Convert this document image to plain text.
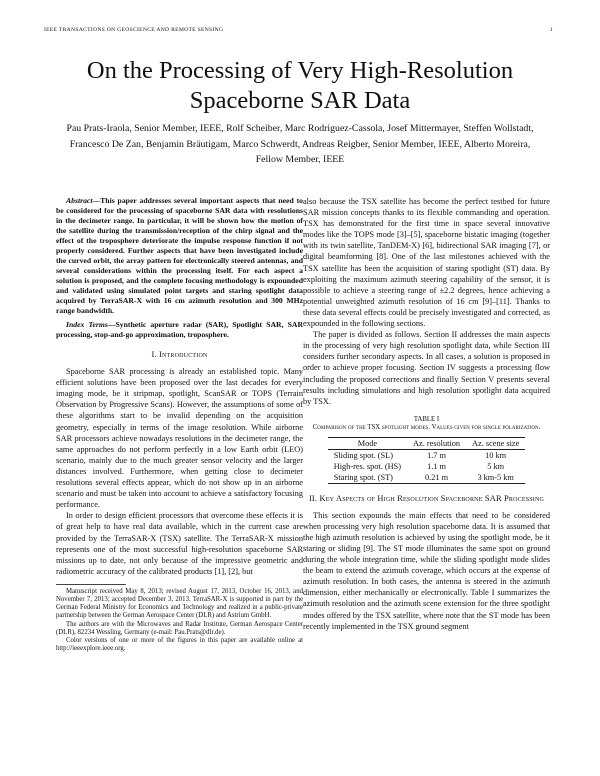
IEEE TRANSACTIONS ON GEOSCIENCE AND REMOTE SENSING	1
On the Processing of Very High-Resolution Spaceborne SAR Data

Pau Prats-Iraola, Senior Member, IEEE, Rolf Scheiber, Marc Rodriguez-Cassola, Josef Mittermayer, Steffen Wollstadt, Francesco De Zan, Benjamin Bräutigam, Marco Schwerdt, Andreas Reigber, Senior Member, IEEE, Alberto Moreira, Fellow Member, IEEE

Abstract—This paper addresses several important aspects that need to be considered for the processing of spaceborne SAR data with resolutions in the decimeter range. In particular, it will be shown how the motion of the satellite during the transmission/reception of the chirp signal and the effect of the troposphere deteriorate the impulse response function if not properly considered. Further aspects that have been investigated include the curved orbit, the array pattern for electronically steered antennas, and several considerations within the processing itself. For each aspect a solution is proposed, and the complete focusing methodology is expounded and validated using simulated point targets and staring spotlight data acquired by TerraSAR-X with 16 cm azimuth resolution and 300 MHz range bandwidth.

Index Terms—Synthetic aperture radar (SAR), Spotlight SAR, SAR processing, stop-and-go approximation, troposphere.

I. Introduction

Spaceborne SAR processing is already an established topic. Many efficient solutions have been proposed over the last decades for every imaging mode, be it stripmap, spotlight, ScanSAR or TOPS (Terrain Observation by Progressive Scans). However, the assumptions of some of these algorithms start to be invalid depending on the acquisition geometry, especially in terms of the image resolution. While airborne SAR processors achieve nowadays resolutions in the decimeter range, the same approaches do not perform perfectly in a low Earth orbit (LEO) scenario, mainly due to the much greater sensor velocity and the larger distances involved. Furthermore, when getting close to decimeter resolutions several effects appear, which do not show up in an airborne scenario and must be taken into account to achieve a satisfactory focusing performance.

In order to design efficient processors that overcome these effects it is of great help to have real data available, which in the current case are provided by the TerraSAR-X (TSX) satellite. The TerraSAR-X mission represents one of the most successful high-resolution spaceborne SAR missions up to date, not only because of the impressive geometric and radiometric accuracy of the calibrated products [1], [2], but

Manuscript received May 8, 2013; revised August 17, 2013, October 16, 2013, and November 7, 2013; accepted December 3, 2013. TerraSAR-X is supported in part by the German Federal Ministry for Economics and Technology and realized in a public-private partnership between the German Aerospace Center (DLR) and Astrium GmbH.

The authors are with the Microwaves and Radar Institute, German Aerospace Center (DLR), 82234 Wessling, Germany (e-mail: Pau.Prats@dlr.de).

Color versions of one or more of the figures in this paper are available online at http://ieeexplore.ieee.org.

also because the TSX satellite has become the perfect testbed for future SAR mission concepts thanks to its flexible commanding and operation. TSX has demonstrated for the first time in space several innovative modes like the TOPS mode [3]–[5], spaceborne bistatic imaging (together with its twin satellite, TanDEM-X) [6], bidirectional SAR imaging [7], or digital beamforming [8]. One of the last milestones achieved with the TSX satellite has been the acquisition of staring spotlight (ST) data. By exploiting the maximum azimuth steering capability of the sensor, it is possible to achieve a steering range of ±2.2 degrees, hence achieving a potential unweighted azimuth resolution of 16 cm [9]–[11]. Thanks to these data several effects could be precisely investigated and corrected, as expounded in the following sections.

The paper is divided as follows. Section II addresses the main aspects in the processing of very high resolution spotlight data, while Section III considers further secondary aspects. In all cases, a solution is proposed in order to achieve proper focusing. Section IV suggests a processing flow including the proposed corrections and finally Section V presents several results including simulations and high resolution spotlight data acquired by TSX.

TABLE I
Comparison of the TSX spotlight modes. Values given for single polarization.

Mode	Az. resolution	Az. scene size
Sliding spot. (SL)	1.7 m	10 km
High-res. spot. (HS)	1.1 m	5 km
Staring spot. (ST)	0.21 m	3 km-5 km

II. Key Aspects of High Resolution Spaceborne SAR Processing

This section expounds the main effects that need to be considered when processing very high resolution spaceborne data. It is assumed that the high azimuth resolution is achieved by using the spotlight mode, be it staring or sliding [9]. The ST mode illuminates the same spot on ground during the whole integration time, while the sliding spotlight mode slides the beam to extend the azimuth coverage, which occurs at the expense of azimuth resolution. In both cases, the antenna is steered in the azimuth dimension, either mechanically or electronically. Table I summarizes the azimuth resolution and the azimuth scene extension for the three spotlight modes offered by the TSX satellite, where note that the ST mode has been recently implemented in the TSX ground segment
